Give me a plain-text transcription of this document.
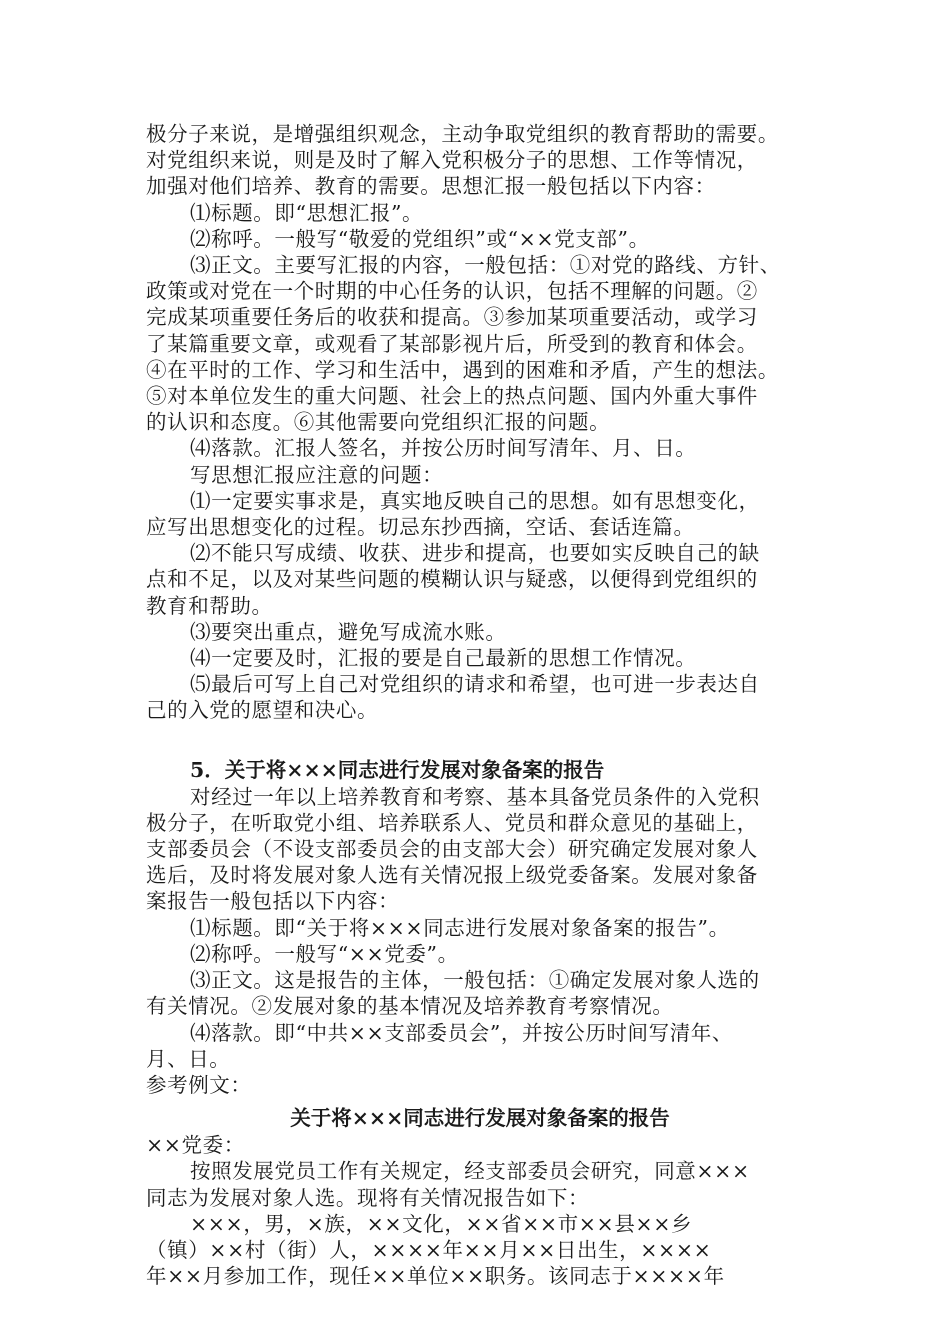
极分子来说，是增强组织观念，主动争取党组织的教育帮助的需要。
对党组织来说，则是及时了解入党积极分子的思想、工作等情况，
加强对他们培养、教育的需要。思想汇报一般包括以下内容：
⑴标题。即“思想汇报”。
⑵称呼。一般写“敬爱的党组织”或“××党支部”。
⑶正文。主要写汇报的内容，一般包括：①对党的路线、方针、
政策或对党在一个时期的中心任务的认识，包括不理解的问题。②
完成某项重要任务后的收获和提高。③参加某项重要活动，或学习
了某篇重要文章，或观看了某部影视片后，所受到的教育和体会。
④在平时的工作、学习和生活中，遇到的困难和矛盾，产生的想法。
⑤对本单位发生的重大问题、社会上的热点问题、国内外重大事件
的认识和态度。⑥其他需要向党组织汇报的问题。
⑷落款。汇报人签名，并按公历时间写清年、月、日。
写思想汇报应注意的问题：
⑴一定要实事求是，真实地反映自己的思想。如有思想变化，
应写出思想变化的过程。切忌东抄西摘，空话、套话连篇。
⑵不能只写成绩、收获、进步和提高，也要如实反映自己的缺
点和不足，以及对某些问题的模糊认识与疑惑，以便得到党组织的
教育和帮助。
⑶要突出重点，避免写成流水账。
⑷一定要及时，汇报的要是自己最新的思想工作情况。
⑸最后可写上自己对党组织的请求和希望，也可进一步表达自
己的入党的愿望和决心。
5．关于将×××同志进行发展对象备案的报告
对经过一年以上培养教育和考察、基本具备党员条件的入党积
极分子，在听取党小组、培养联系人、党员和群众意见的基础上，
支部委员会（不设支部委员会的由支部大会）研究确定发展对象人
选后，及时将发展对象人选有关情况报上级党委备案。发展对象备
案报告一般包括以下内容：
⑴标题。即“关于将×××同志进行发展对象备案的报告”。
⑵称呼。一般写“××党委”。
⑶正文。这是报告的主体，一般包括：①确定发展对象人选的
有关情况。②发展对象的基本情况及培养教育考察情况。
⑷落款。即“中共××支部委员会”，并按公历时间写清年、
月、日。
参考例文：
关于将×××同志进行发展对象备案的报告
××党委：
按照发展党员工作有关规定，经支部委员会研究，同意×××
同志为发展对象人选。现将有关情况报告如下：
×××，男，×族，××文化，××省××市××县××乡
（镇）××村（街）人，××××年××月××日出生，××××
年××月参加工作，现任××单位××职务。该同志于××××年
